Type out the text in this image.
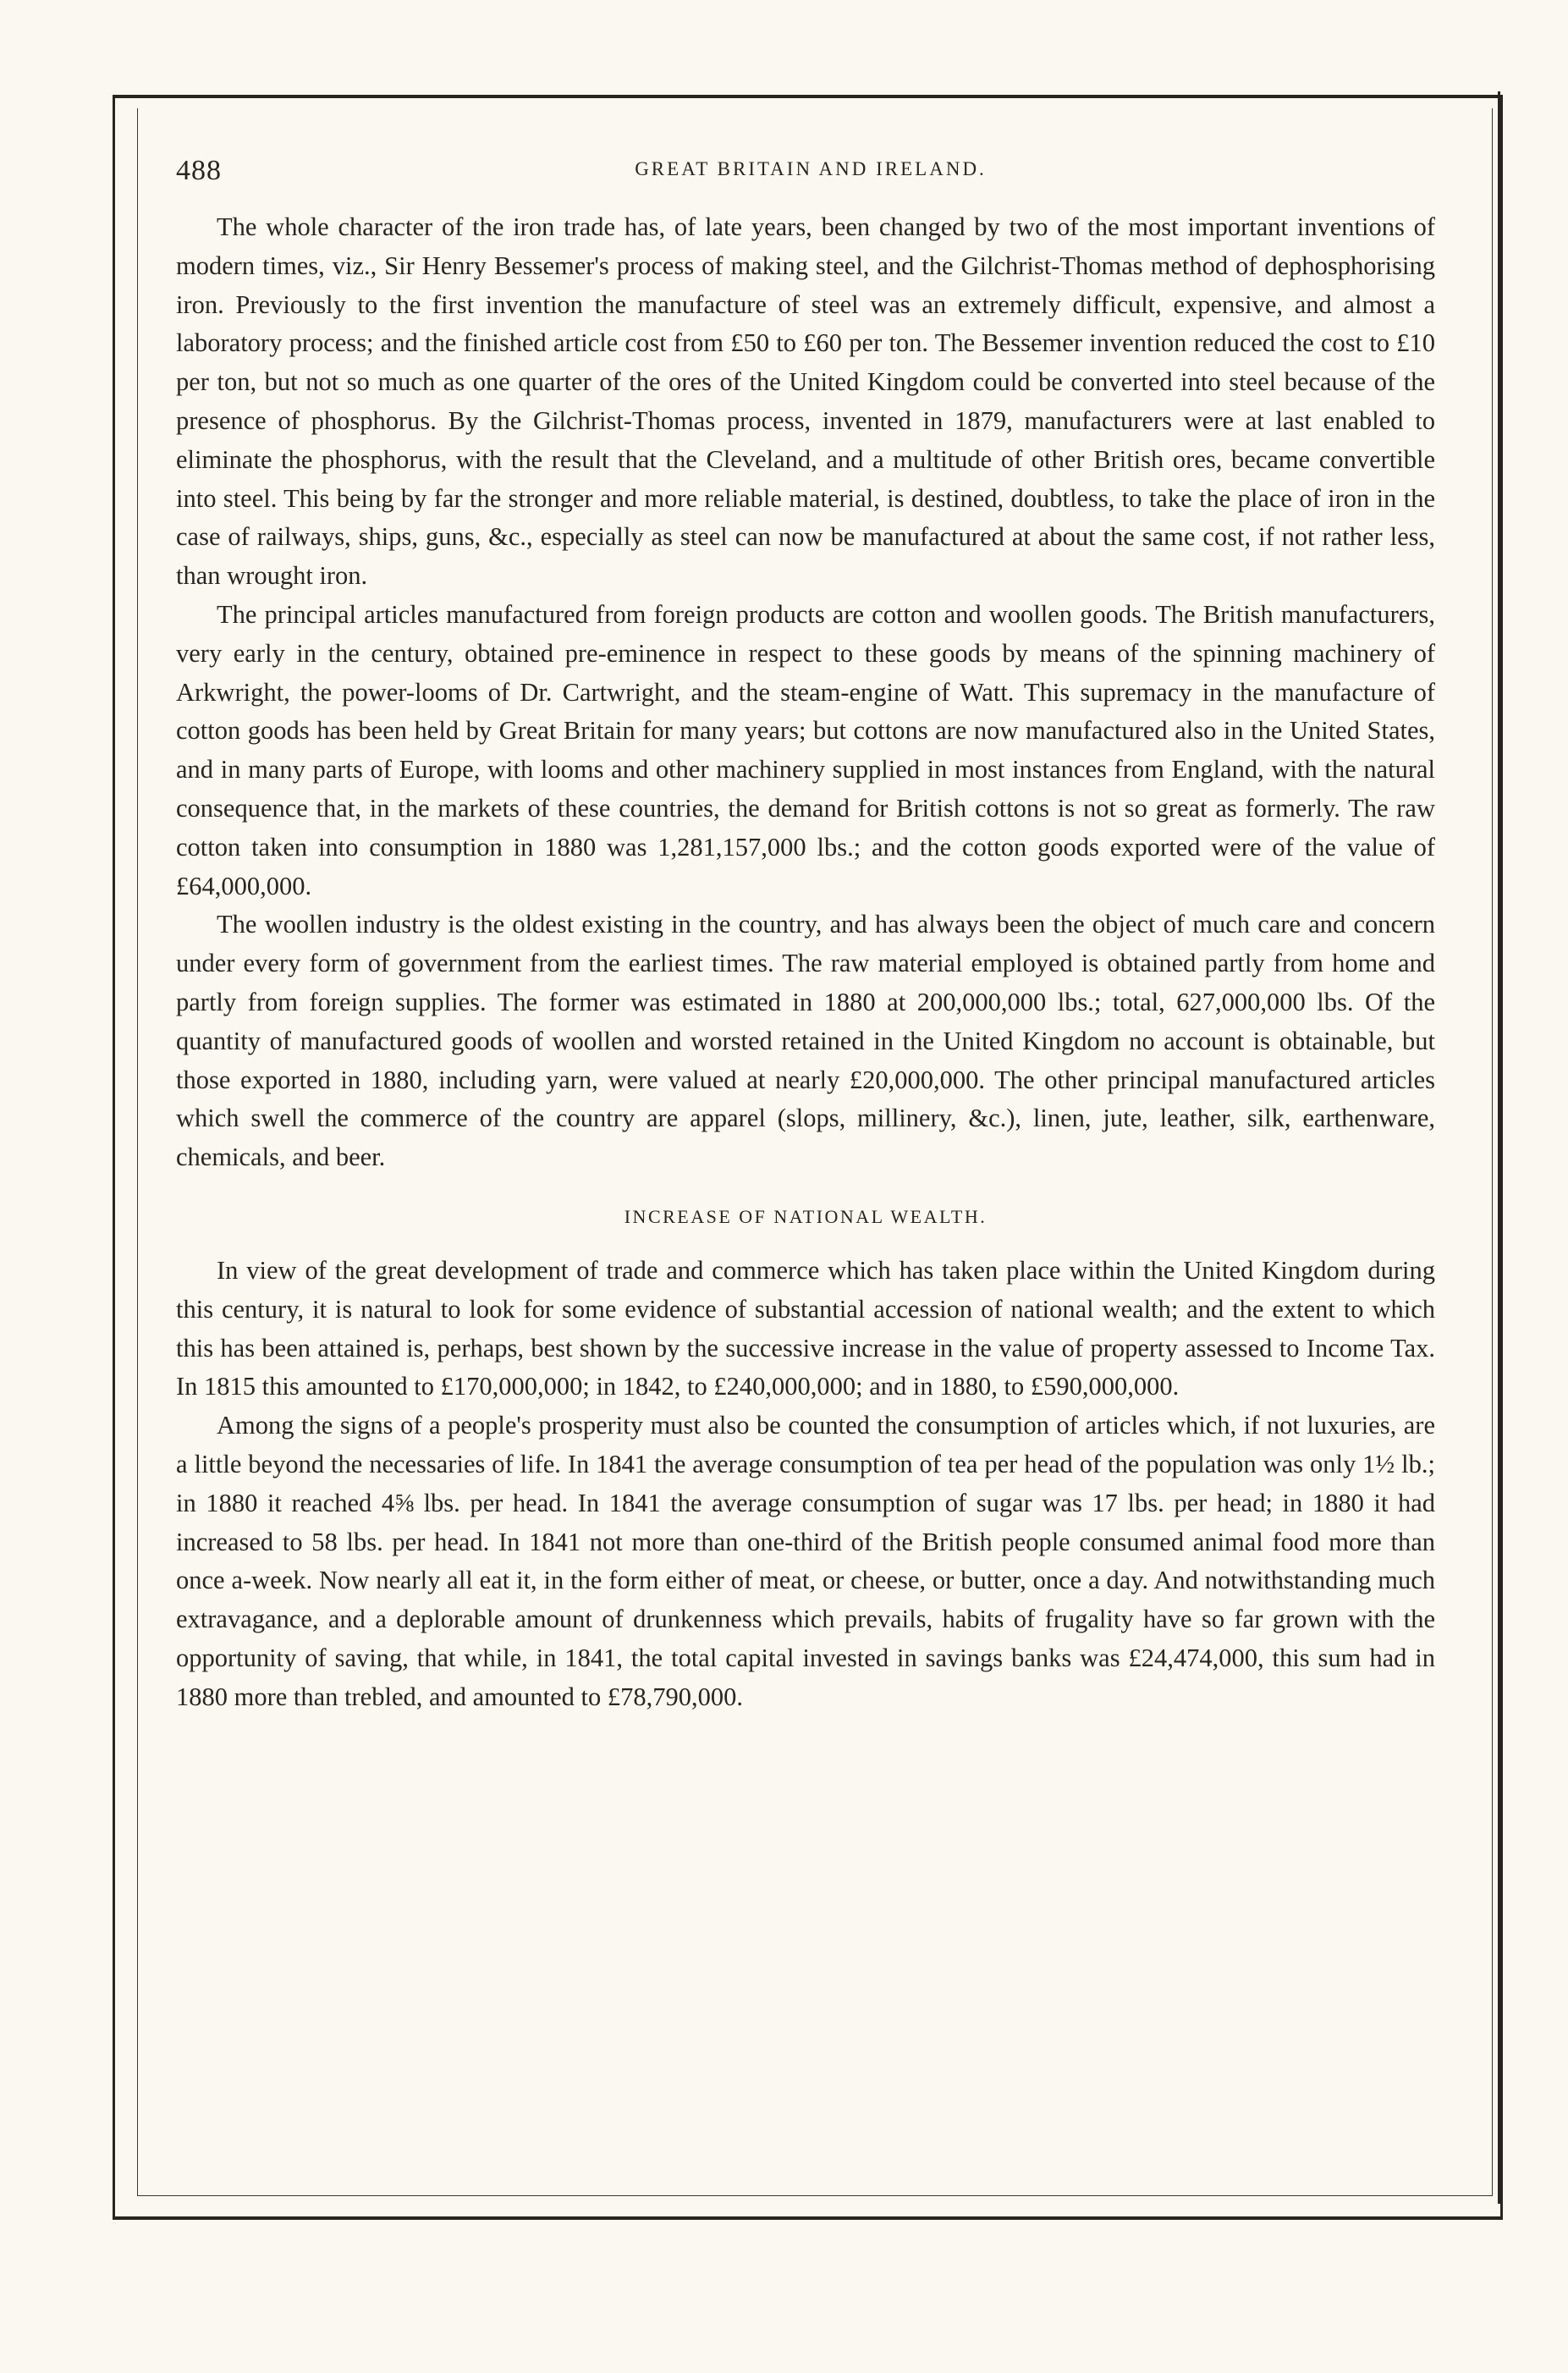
488	GREAT BRITAIN AND IRELAND.

The whole character of the iron trade has, of late years, been changed by two of the most important inventions of modern times, viz., Sir Henry Bessemer's process of making steel, and the Gilchrist-Thomas method of dephosphorising iron. Previously to the first invention the manufacture of steel was an extremely difficult, expensive, and almost a laboratory process; and the finished article cost from £50 to £60 per ton. The Bessemer invention reduced the cost to £10 per ton, but not so much as one quarter of the ores of the United Kingdom could be converted into steel because of the presence of phosphorus. By the Gilchrist-Thomas process, invented in 1879, manufacturers were at last enabled to eliminate the phosphorus, with the result that the Cleveland, and a multitude of other British ores, became convertible into steel. This being by far the stronger and more reliable material, is destined, doubtless, to take the place of iron in the case of railways, ships, guns, &c., especially as steel can now be manufactured at about the same cost, if not rather less, than wrought iron.

The principal articles manufactured from foreign products are cotton and woollen goods. The British manufacturers, very early in the century, obtained pre-eminence in respect to these goods by means of the spinning machinery of Arkwright, the power-looms of Dr. Cartwright, and the steam-engine of Watt. This supremacy in the manufacture of cotton goods has been held by Great Britain for many years; but cottons are now manufactured also in the United States, and in many parts of Europe, with looms and other machinery supplied in most instances from England, with the natural consequence that, in the markets of these countries, the demand for British cottons is not so great as formerly. The raw cotton taken into consumption in 1880 was 1,281,157,000 lbs.; and the cotton goods exported were of the value of £64,000,000.

The woollen industry is the oldest existing in the country, and has always been the object of much care and concern under every form of government from the earliest times. The raw material employed is obtained partly from home and partly from foreign supplies. The former was estimated in 1880 at 200,000,000 lbs.; total, 627,000,000 lbs. Of the quantity of manufactured goods of woollen and worsted retained in the United Kingdom no account is obtainable, but those exported in 1880, including yarn, were valued at nearly £20,000,000. The other principal manufactured articles which swell the commerce of the country are apparel (slops, millinery, &c.), linen, jute, leather, silk, earthenware, chemicals, and beer.

INCREASE OF NATIONAL WEALTH.

In view of the great development of trade and commerce which has taken place within the United Kingdom during this century, it is natural to look for some evidence of substantial accession of national wealth; and the extent to which this has been attained is, perhaps, best shown by the successive increase in the value of property assessed to Income Tax. In 1815 this amounted to £170,000,000; in 1842, to £240,000,000; and in 1880, to £590,000,000.

Among the signs of a people's prosperity must also be counted the consumption of articles which, if not luxuries, are a little beyond the necessaries of life. In 1841 the average consumption of tea per head of the population was only 1½ lb.; in 1880 it reached 4⅝ lbs. per head. In 1841 the average consumption of sugar was 17 lbs. per head; in 1880 it had increased to 58 lbs. per head. In 1841 not more than one-third of the British people consumed animal food more than once a-week. Now nearly all eat it, in the form either of meat, or cheese, or butter, once a day. And notwithstanding much extravagance, and a deplorable amount of drunkenness which prevails, habits of frugality have so far grown with the opportunity of saving, that while, in 1841, the total capital invested in savings banks was £24,474,000, this sum had in 1880 more than trebled, and amounted to £78,790,000.
